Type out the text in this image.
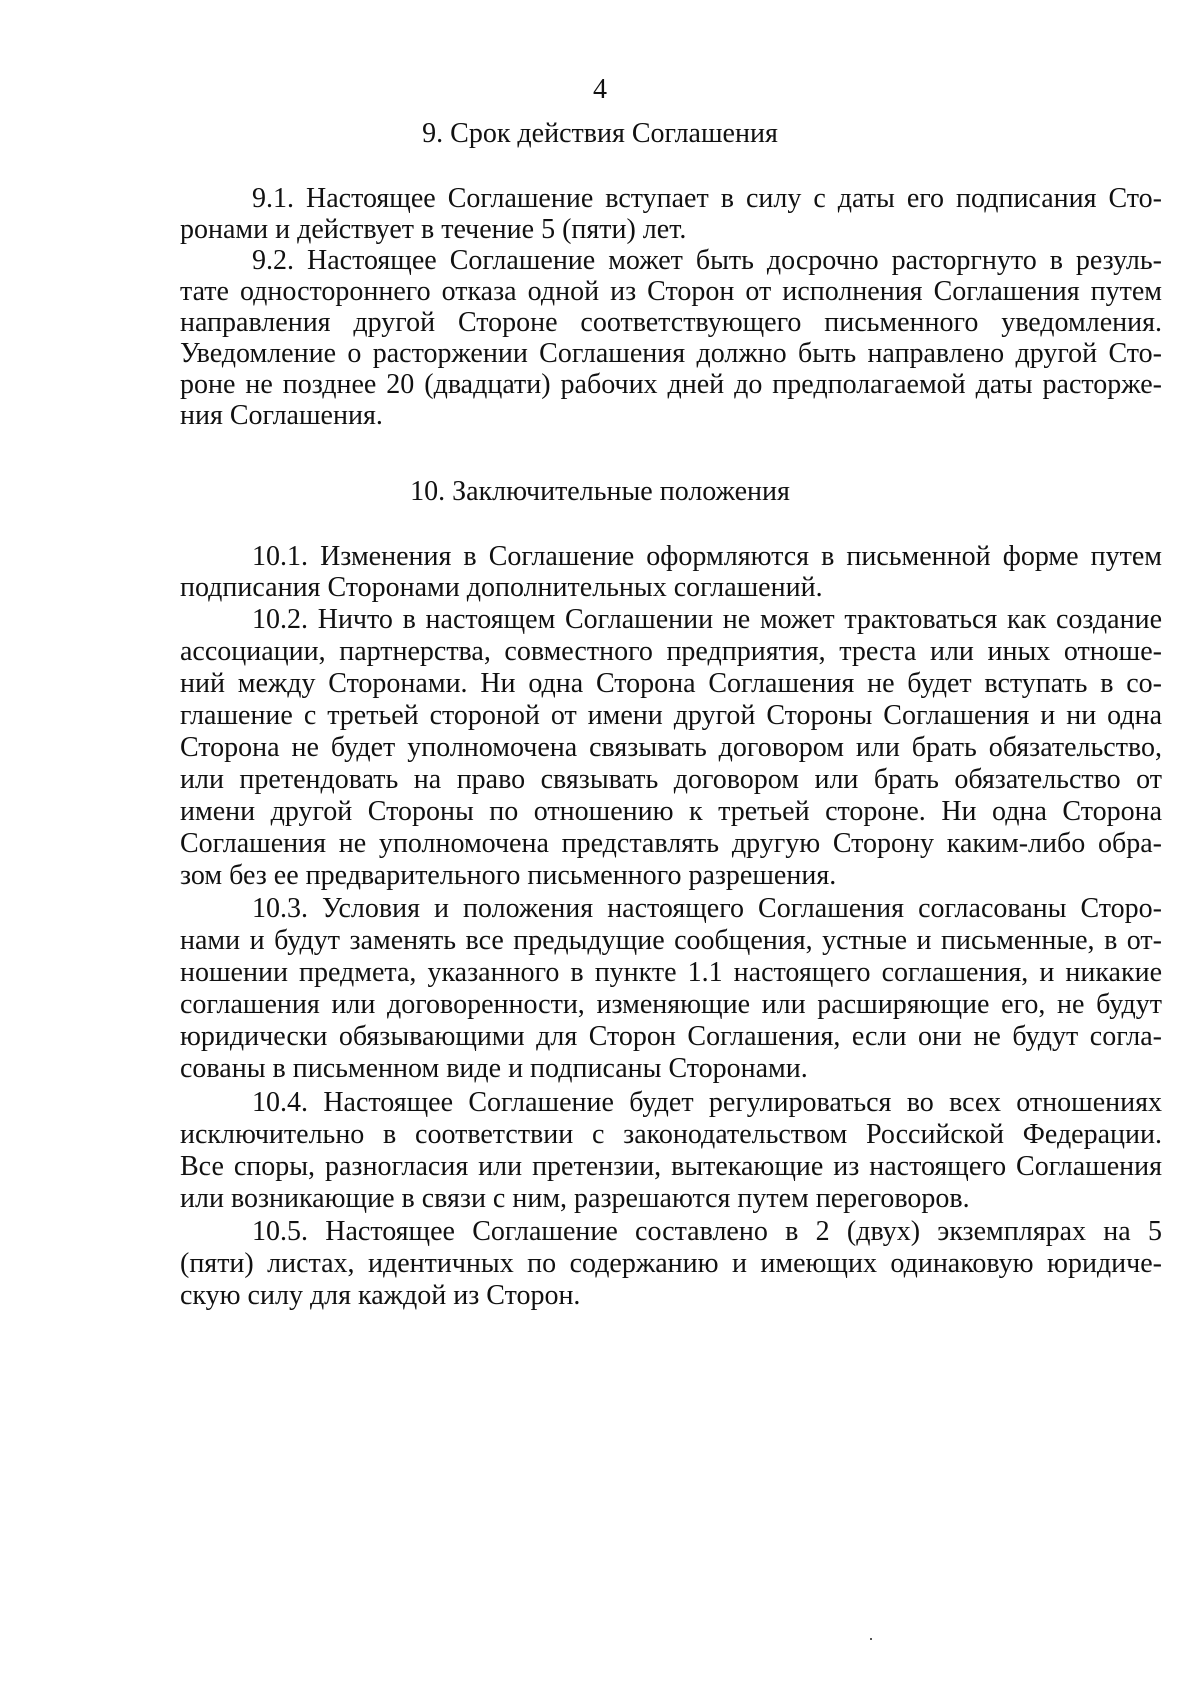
4
9. Срок действия Соглашения
9.1. Настоящее Соглашение вступает в силу с даты его подписания Сто-
ронами и действует в течение 5 (пяти) лет.
9.2. Настоящее Соглашение может быть досрочно расторгнуто в резуль-
тате одностороннего отказа одной из Сторон от исполнения Соглашения путем
направления другой Стороне соответствующего письменного уведомления.
Уведомление о расторжении Соглашения должно быть направлено другой Сто-
роне не позднее 20 (двадцати) рабочих дней до предполагаемой даты расторже-
ния Соглашения.
10. Заключительные положения
10.1. Изменения в Соглашение оформляются в письменной форме путем
подписания Сторонами дополнительных соглашений.
10.2. Ничто в настоящем Соглашении не может трактоваться как создание
ассоциации, партнерства, совместного предприятия, треста или иных отноше-
ний между Сторонами. Ни одна Сторона Соглашения не будет вступать в со-
глашение с третьей стороной от имени другой Стороны Соглашения и ни одна
Сторона не будет уполномочена связывать договором или брать обязательство,
или претендовать на право связывать договором или брать обязательство от
имени другой Стороны по отношению к третьей стороне. Ни одна Сторона
Соглашения не уполномочена представлять другую Сторону каким-либо обра-
зом без ее предварительного письменного разрешения.
10.3. Условия и положения настоящего Соглашения согласованы Сторо-
нами и будут заменять все предыдущие сообщения, устные и письменные, в от-
ношении предмета, указанного в пункте 1.1 настоящего соглашения, и никакие
соглашения или договоренности, изменяющие или расширяющие его, не будут
юридически обязывающими для Сторон Соглашения, если они не будут согла-
сованы в письменном виде и подписаны Сторонами.
10.4. Настоящее Соглашение будет регулироваться во всех отношениях
исключительно в соответствии с законодательством Российской Федерации.
Все споры, разногласия или претензии, вытекающие из настоящего Соглашения
или возникающие в связи с ним, разрешаются путем переговоров.
10.5. Настоящее Соглашение составлено в 2 (двух) экземплярах на 5
(пяти) листах, идентичных по содержанию и имеющих одинаковую юридиче-
скую силу для каждой из Сторон.
